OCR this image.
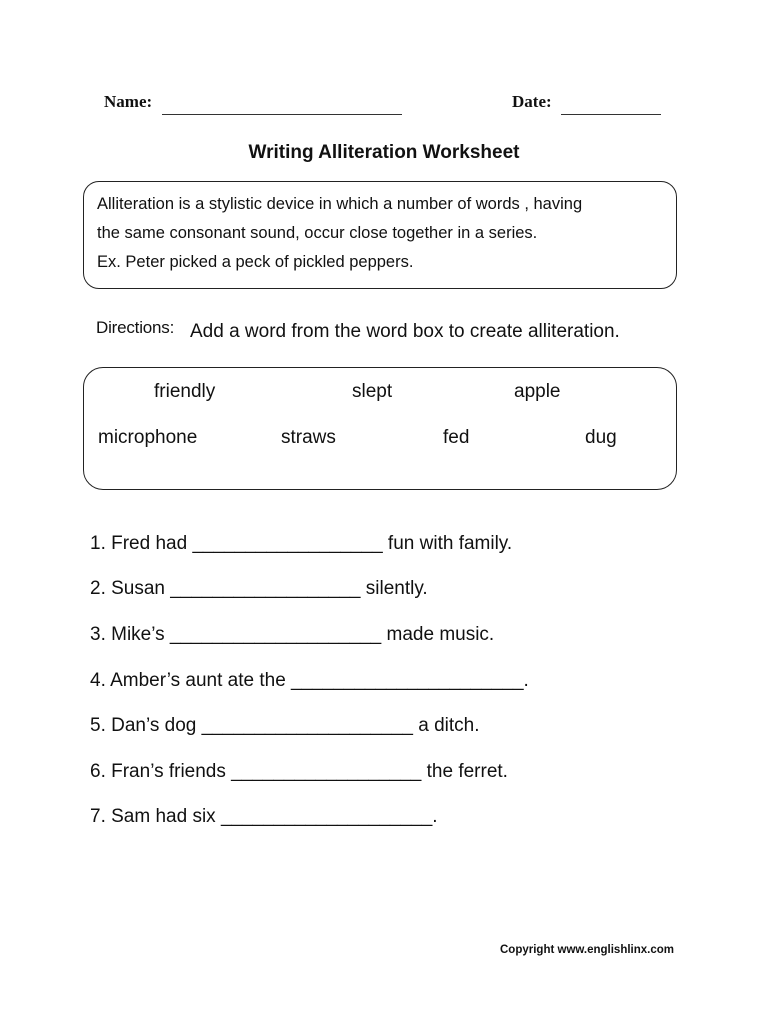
Name:	Date:
Writing Alliteration Worksheet
Alliteration is a stylistic device in which a number of words , having
the same consonant sound, occur close together in a series.
Ex. Peter picked a peck of pickled peppers.
Directions: Add a word from the word box to create alliteration.
friendly	slept	apple
microphone	straws	fed	dug
1. Fred had __________________ fun with family.
2. Susan __________________ silently.
3. Mike’s ____________________ made music.
4. Amber’s aunt ate the ______________________.
5. Dan’s dog ____________________ a ditch.
6. Fran’s friends __________________ the ferret.
7. Sam had six ____________________.
Copyright www.englishlinx.com
